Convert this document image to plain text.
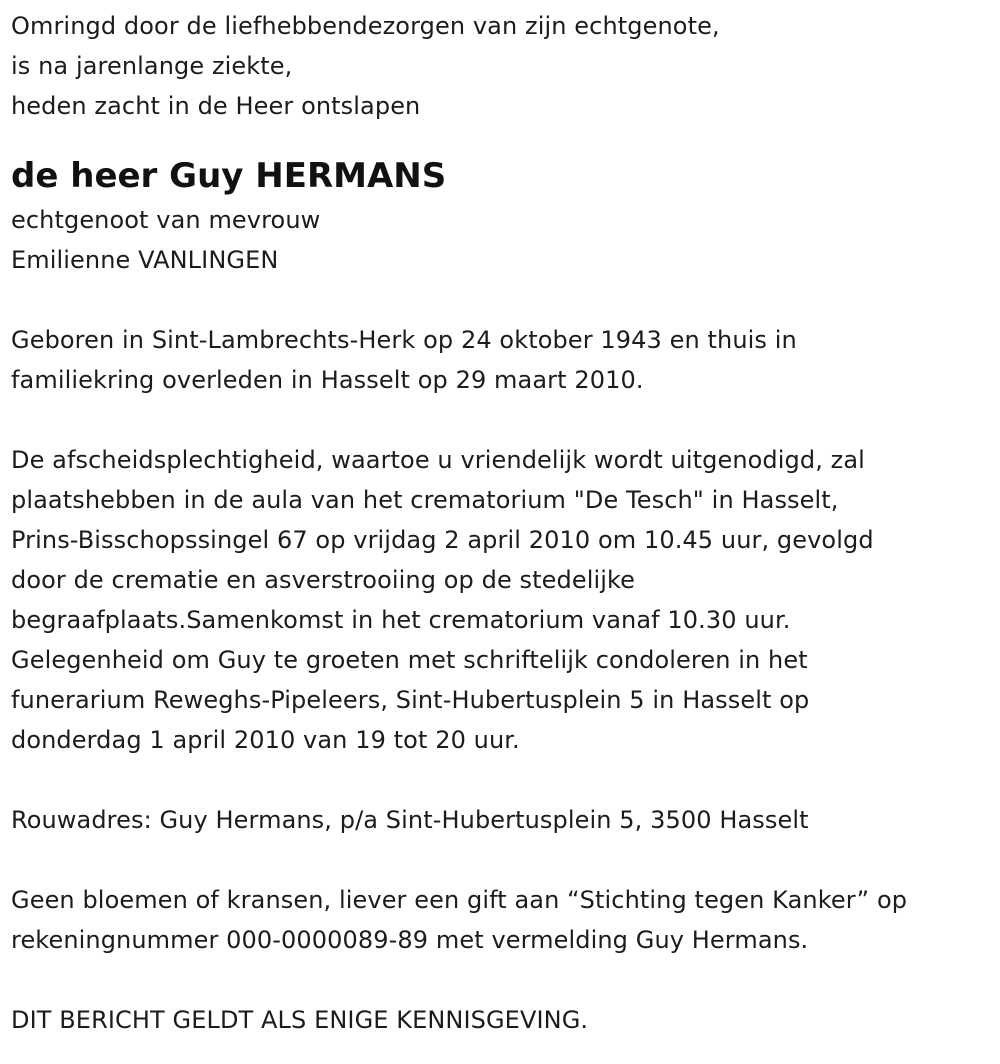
Omringd door de liefhebbendezorgen van zijn echtgenote,
is na jarenlange ziekte,
heden zacht in de Heer ontslapen
de heer Guy HERMANS
echtgenoot van mevrouw
Emilienne VANLINGEN
Geboren in Sint-Lambrechts-Herk op 24 oktober 1943 en thuis in
familiekring overleden in Hasselt op 29 maart 2010.
De afscheidsplechtigheid, waartoe u vriendelijk wordt uitgenodigd, zal
plaatshebben in de aula van het crematorium "De Tesch" in Hasselt,
Prins-Bisschopssingel 67 op vrijdag 2 april 2010 om 10.45 uur, gevolgd
door de crematie en asverstrooiing op de stedelijke
begraafplaats.Samenkomst in het crematorium vanaf 10.30 uur.
Gelegenheid om Guy te groeten met schriftelijk condoleren in het
funerarium Reweghs-Pipeleers, Sint-Hubertusplein 5 in Hasselt op
donderdag 1 april 2010 van 19 tot 20 uur.
Rouwadres: Guy Hermans, p/a Sint-Hubertusplein 5, 3500 Hasselt
Geen bloemen of kransen, liever een gift aan “Stichting tegen Kanker” op
rekeningnummer 000-0000089-89 met vermelding Guy Hermans.
DIT BERICHT GELDT ALS ENIGE KENNISGEVING.
